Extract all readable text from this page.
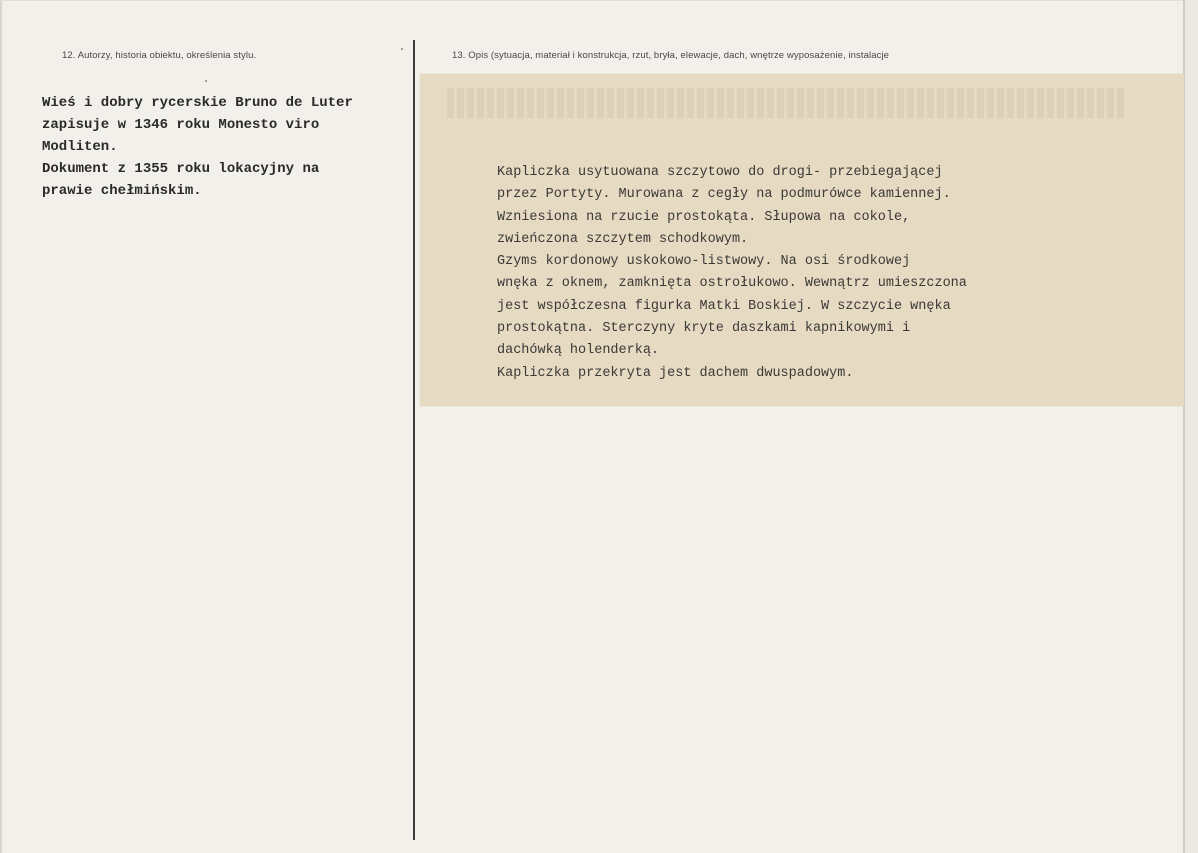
12. Autorzy, historia obiektu, określenia stylu.	13. Opis (sytuacja, materiał i konstrukcja, rzut, bryła, elewacje, dach, wnętrze wyposażenie, instalacje
Wieś i dobry rycerskie Bruno de Luter
zapisuje w 1346 roku Monesto viro
Modliten.
Dokument z 1355 roku lokacyjny na
prawie chełmińskim.
Kapliczka usytuowana szczytowo do drogi- przebiegającej
przez Portyty. Murowana z cegły na podmurówce kamiennej.
Wzniesiona na rzucie prostokąta. Słupowa na cokole,
zwieńczona szczytem schodkowym.
Gzyms kordonowy uskokowo-listwowy. Na osi środkowej
wnęka z oknem, zamknięta ostrołukowo. Wewnątrz umieszczona
jest współczesna figurka Matki Boskiej. W szczycie wnęka
prostokątna. Sterczyny kryte daszkami kapnikowymi i
dachówką holenderką.
Kapliczka przekryta jest dachem dwuspadowym.
